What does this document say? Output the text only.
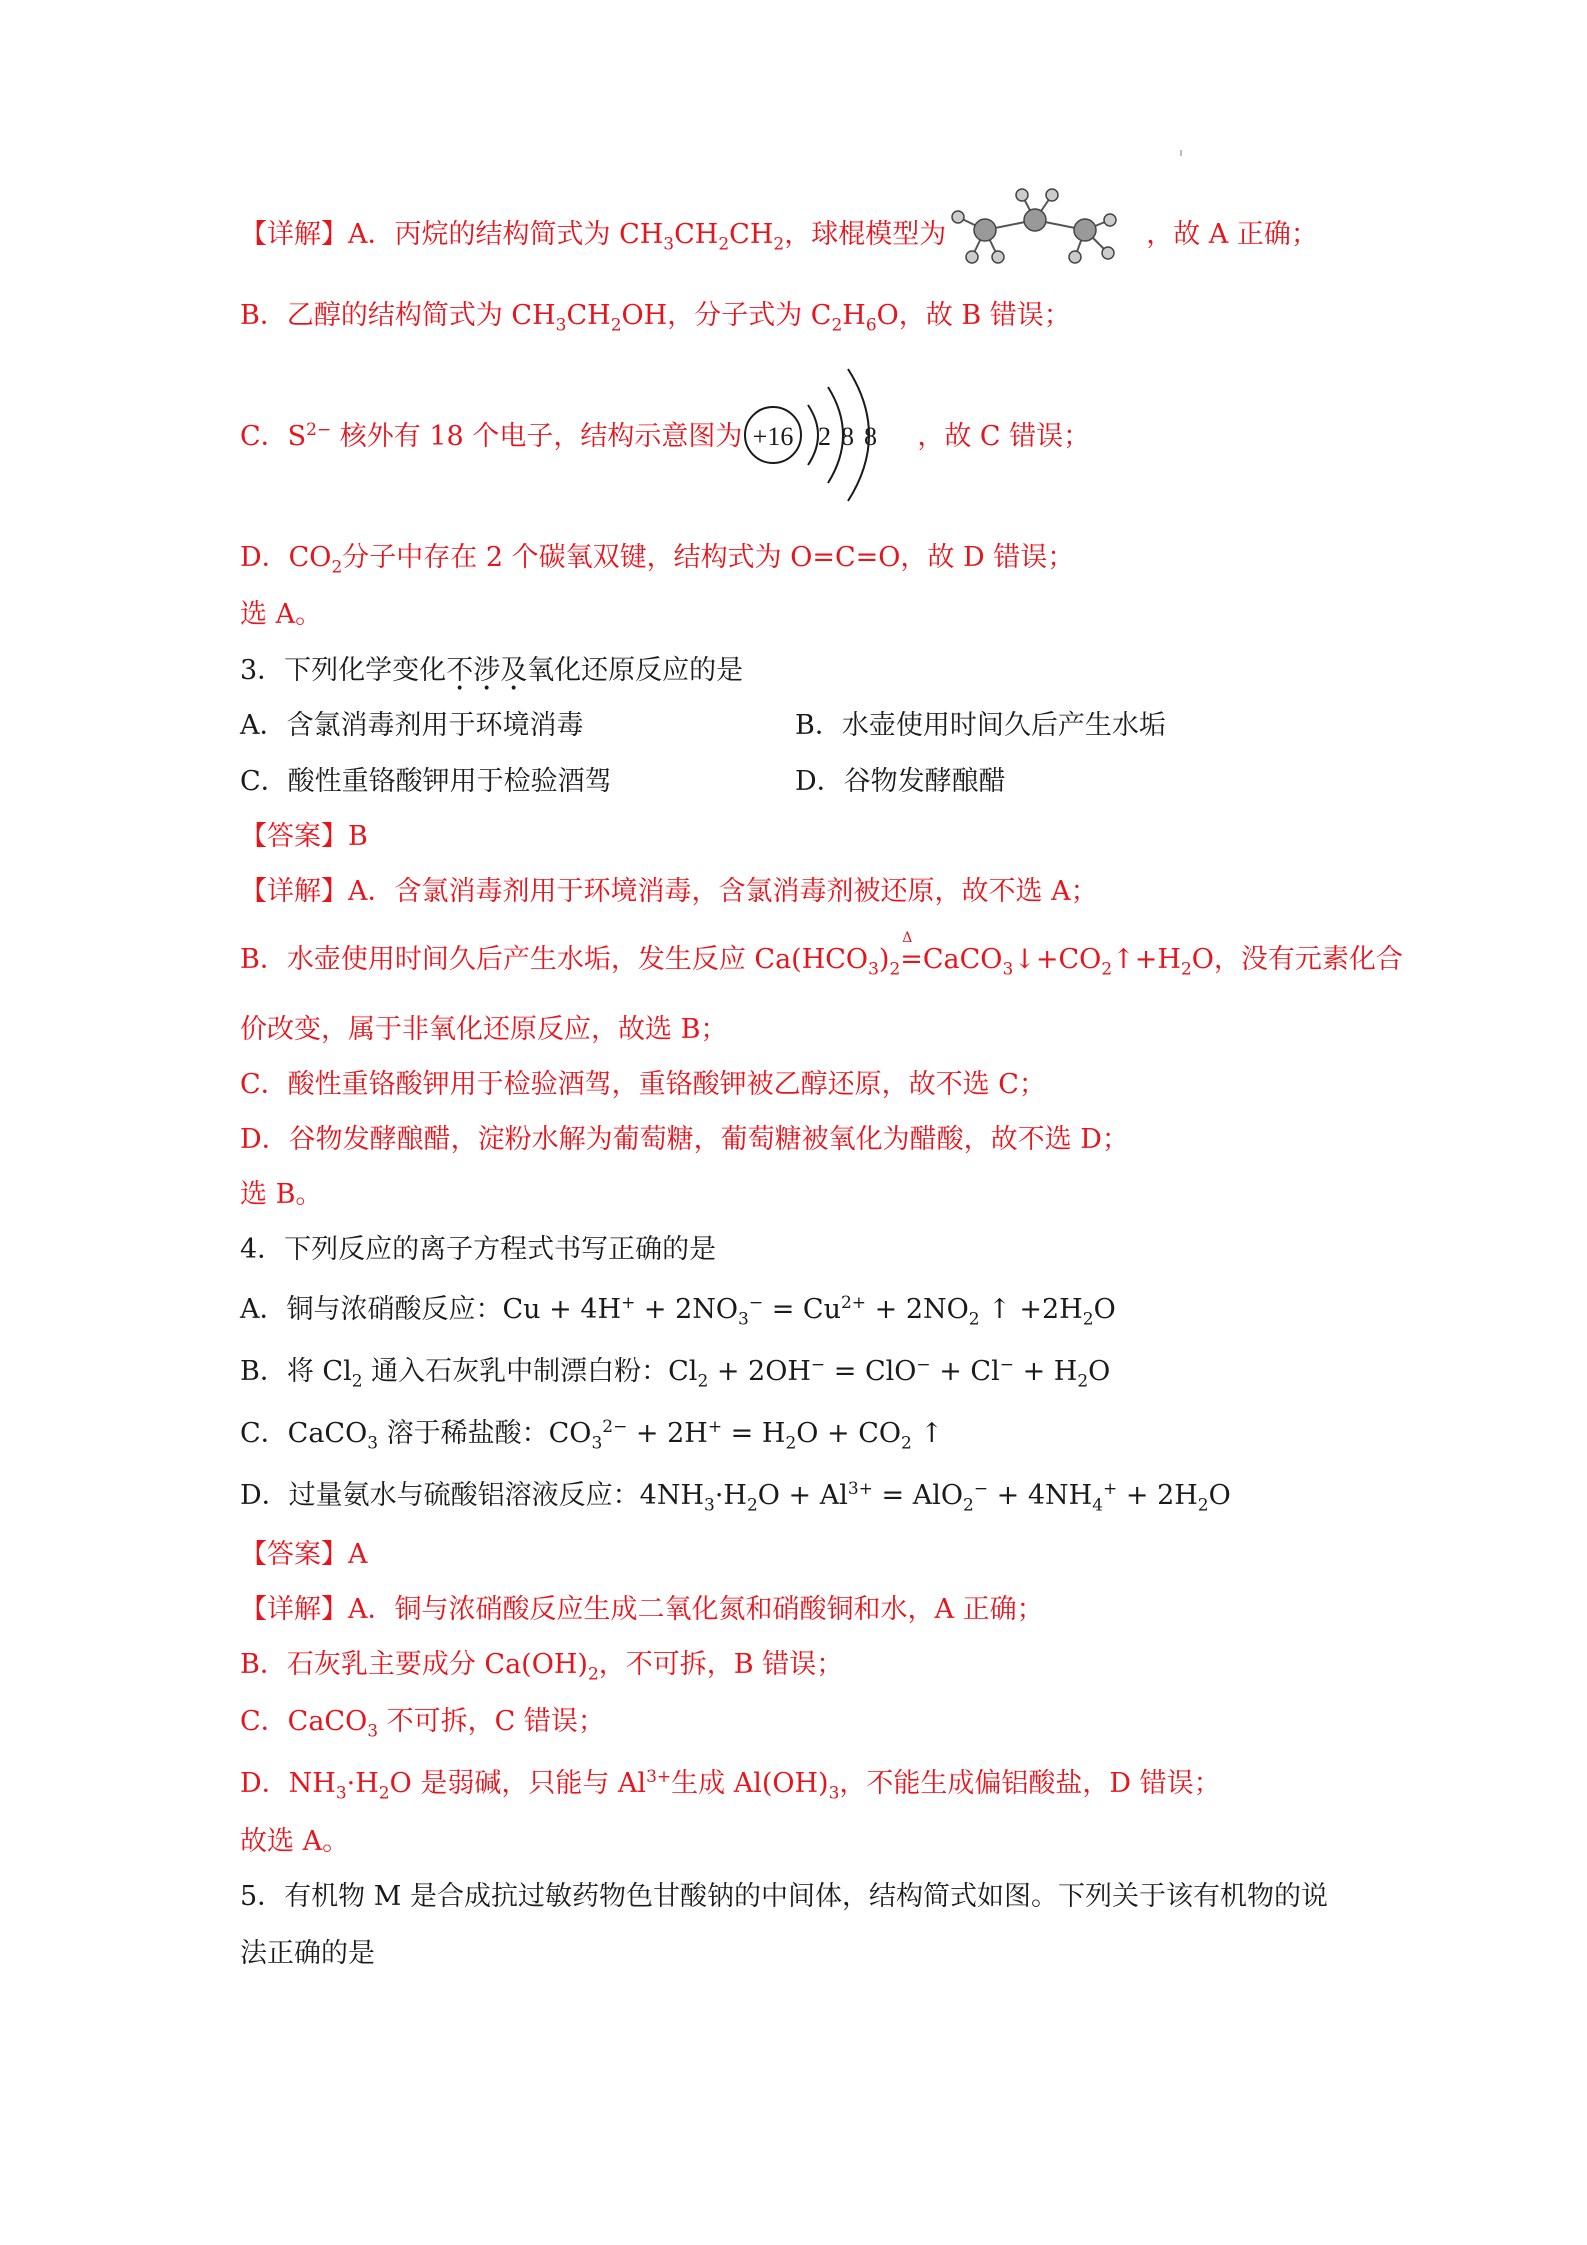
【详解】A．丙烷的结构简式为 $CH_3CH_2CH_2$，球棍模型为	，故 A 正确；
B．乙醇的结构简式为 $CH_3CH_2OH$，分子式为 $C_2H_6O$，故 B 错误；
C．$S^{2-}$ 核外有 18 个电子，结构示意图为	，故 C 错误；
+16 2 8 8
D．$CO_2$分子中存在 2 个碳氧双键，结构式为 O=C=O，故 D 错误；
选 A。
3．下列化学变化不涉及氧化还原反应的是
A．含氯消毒剂用于环境消毒	B．水壶使用时间久后产生水垢
C．酸性重铬酸钾用于检验酒驾	D．谷物发酵酿醋
【答案】B
【详解】A．含氯消毒剂用于环境消毒，含氯消毒剂被还原，故不选 A；
B．水壶使用时间久后产生水垢，发生反应 $Ca(HCO_3)_2$
Δ
$=CaCO_3↓+CO_2↑+H_2O$，没有元素化合
价改变，属于非氧化还原反应，故选 B；
C．酸性重铬酸钾用于检验酒驾，重铬酸钾被乙醇还原，故不选 C；
D．谷物发酵酿醋，淀粉水解为葡萄糖，葡萄糖被氧化为醋酸，故不选 D；
选 B。
4．下列反应的离子方程式书写正确的是
A．铜与浓硝酸反应：$Cu + 4H^+ + 2NO_3^- = Cu^{2+} + 2NO_2$ ↑ $+2H_2O$
B．将 $Cl_2$ 通入石灰乳中制漂白粉：$Cl_2 + 2OH^- = ClO^- + Cl^- + H_2O$
C．CaCO$_3$ 溶于稀盐酸：$CO_3^{2-} + 2H^+ = H_2O + CO_2$ ↑
D．过量氨水与硫酸铝溶液反应：$4NH_3\cdot H_2O + Al^{3+} = AlO_2^- + 4NH_4^+ + 2H_2O$
【答案】A
【详解】A．铜与浓硝酸反应生成二氧化氮和硝酸铜和水，A 正确；
B．石灰乳主要成分 $Ca(OH)_2$，不可拆，B 错误；
C．CaCO$_3$ 不可拆，C 错误；
D．$NH_3\cdot H_2O$ 是弱碱，只能与 $Al^{3+}$生成 $Al(OH)_3$，不能生成偏铝酸盐，D 错误；
故选 A。
5．有机物 M 是合成抗过敏药物色甘酸钠的中间体，结构简式如图。下列关于该有机物的说
法正确的是
